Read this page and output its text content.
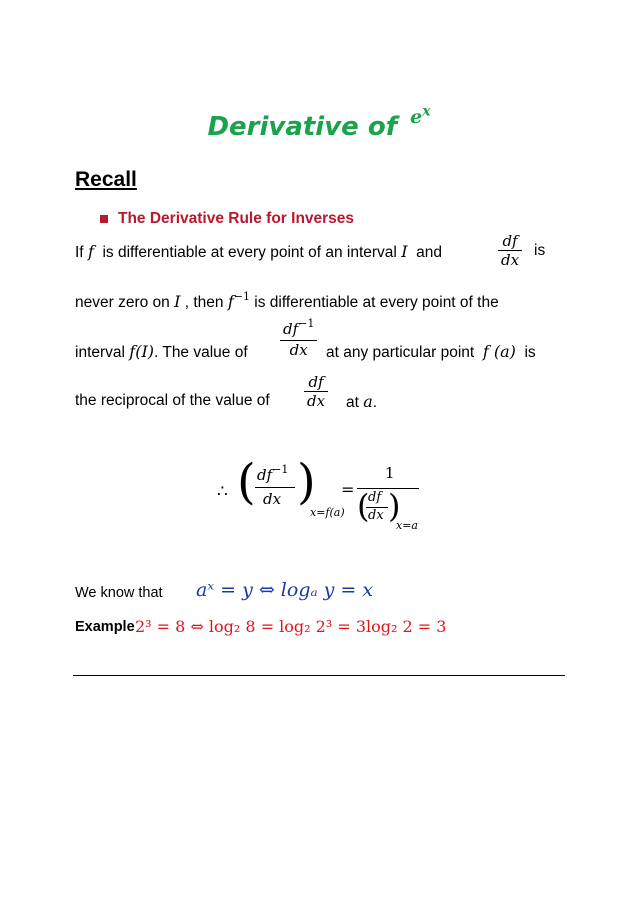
Derivative of $^{e^x}$
Recall
The Derivative Rule for Inverses
If f is differentiable at every point of an interval I and	$\frac{df}{dx}$ is
never zero on I , then $f^{-1}$ is differentiable at every point of the
interval f(I). The value of $\frac{df^{-1}}{dx}$ at any particular point f (a) is
the reciprocal of the value of $\frac{df}{dx}$ at a.
∴ ( $df^{-1}$
dx )
x=f(a)
=
1
(
df
dx )
x=a
We know that aˣ = y ⇔ logₐ y = x
Example 2³ = 8 ⇔ log₂ 8 = log₂ 2³ = 3log₂ 2 = 3
